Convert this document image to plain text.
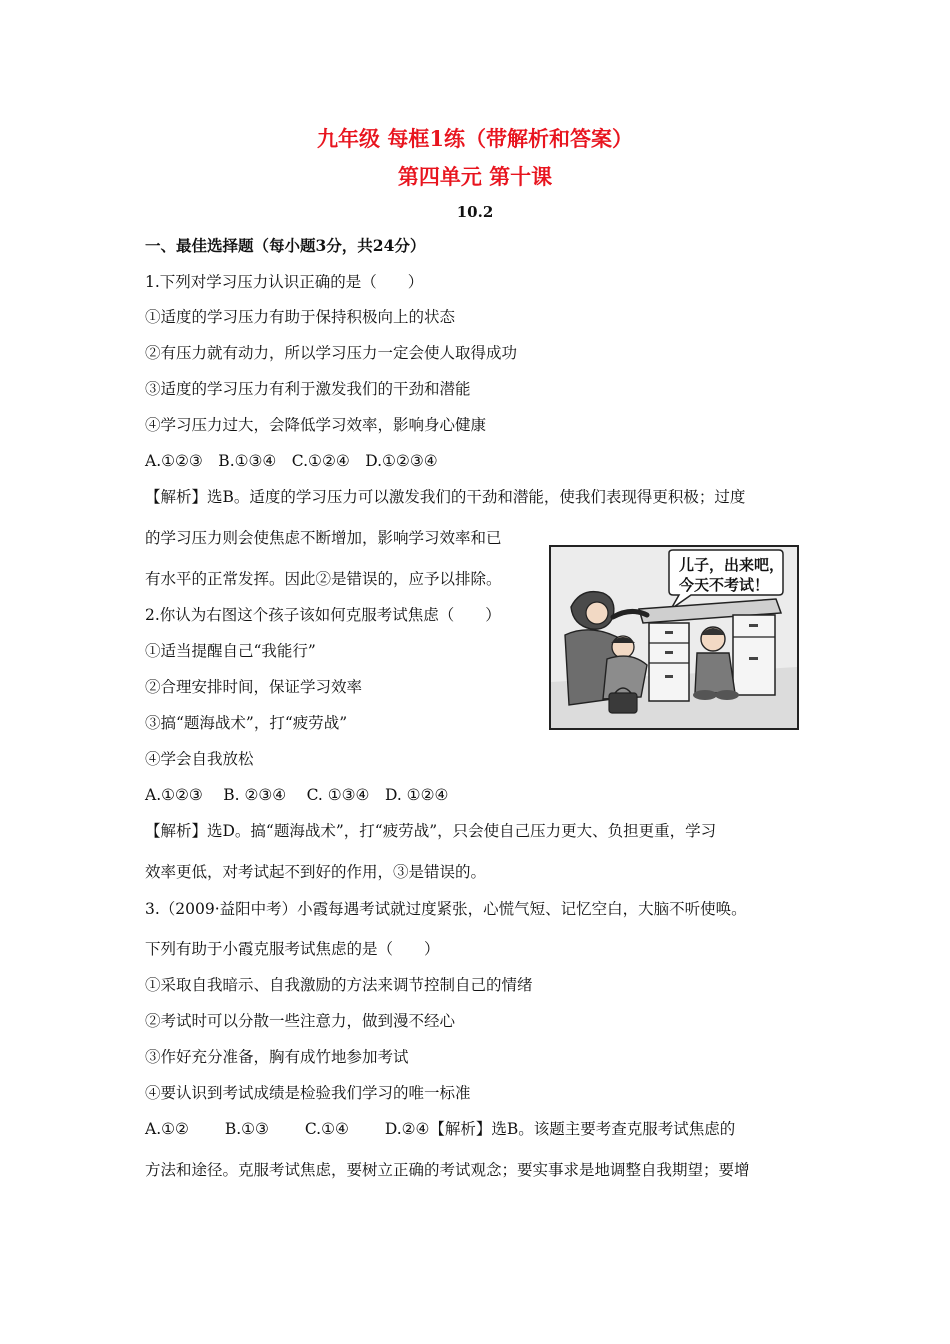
九年级 每框1练（带解析和答案）
第四单元 第十课
10.2
一、最佳选择题（每小题3分，共24分）
1.下列对学习压力认识正确的是（　　）
①适度的学习压力有助于保持积极向上的状态
②有压力就有动力，所以学习压力一定会使人取得成功
③适度的学习压力有利于激发我们的干劲和潜能
④学习压力过大，会降低学习效率，影响身心健康
A.①②③　B.①③④　C.①②④　D.①②③④
【解析】选B。适度的学习压力可以激发我们的干劲和潜能，使我们表现得更积极；过度
的学习压力则会使焦虑不断增加，影响学习效率和已
有水平的正常发挥。因此②是错误的，应予以排除。
2.你认为右图这个孩子该如何克服考试焦虑（　　）
①适当提醒自己“我能行”
②合理安排时间，保证学习效率
③搞“题海战术”，打“疲劳战”
④学会自我放松
A.①②③　 B. ②③④　 C. ①③④　D. ①②④
【解析】选D。搞“题海战术”，打“疲劳战”，只会使自己压力更大、负担更重，学习
效率更低，对考试起不到好的作用，③是错误的。
3.（2009·益阳中考）小霞每遇考试就过度紧张，心慌气短、记忆空白，大脑不听使唤。
下列有助于小霞克服考试焦虑的是（　　）
①采取自我暗示、自我激励的方法来调节控制自己的情绪
②考试时可以分散一些注意力，做到漫不经心
③作好充分准备，胸有成竹地参加考试
④要认识到考试成绩是检验我们学习的唯一标准
A.①②　　 B.①③　　 C.①④　　 D.②④【解析】选B。该题主要考查克服考试焦虑的
方法和途径。克服考试焦虑，要树立正确的考试观念；要实事求是地调整自我期望；要增
儿子，出来吧，
今天不考试！
